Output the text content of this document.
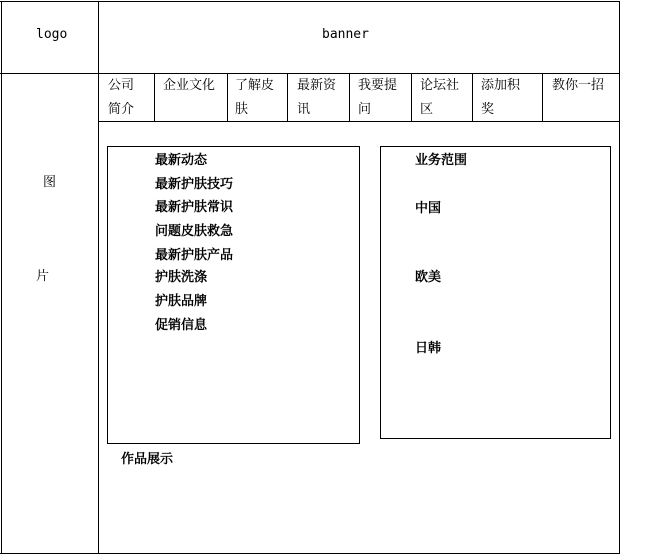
logo	banner
图
片
公司
简介
企业文化 了解皮
肤
最新资
讯
我要提
问
论坛社
区
添加积
奖
教你一招
最新动态
最新护肤技巧
最新护肤常识
问题皮肤救急
最新护肤产品
护肤洗涤
护肤品牌
促销信息
业务范围
中国
欧美
日韩
作品展示
